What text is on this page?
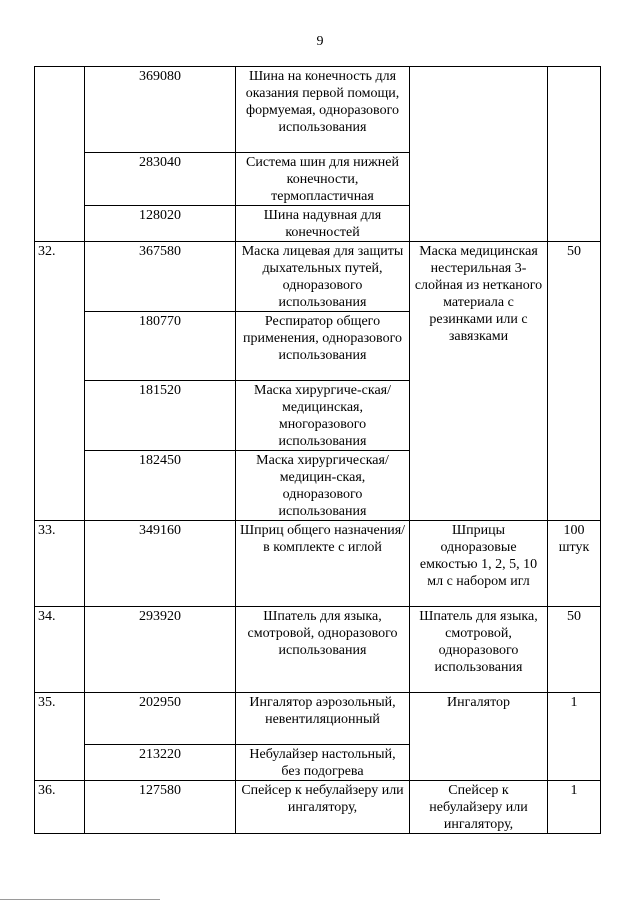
9
	369080	Шина на конечность для оказания первой помощи, формуемая, одноразового использования		
	283040	Система шин для нижней конечности, термопластичная		
	128020	Шина надувная для конечностей		
32.	367580	Маска лицевая для защиты дыхательных путей, одноразового использования	Маска медицинская нестерильная 3-слойная из нетканого материала с резинками или с завязками	50
	180770	Респиратор общего применения, одноразового использования		
	181520	Маска хирургиче-ская/медицинская, многоразового использования		
	182450	Маска хирургическая/медицин-ская, одноразового использования		
33.	349160	Шприц общего назначения/в комплекте с иглой	Шприцы одноразовые емкостью 1, 2, 5, 10 мл с набором игл	100 штук
34.	293920	Шпатель для языка, смотровой, одноразового использования	Шпатель для языка, смотровой, одноразового использования	50
35.	202950	Ингалятор аэрозольный, невентиляционный	Ингалятор	1
	213220	Небулайзер настольный, без подогрева		
36.	127580	Спейсер к небулайзеру или ингалятору,	Спейсер к небулайзеру или ингалятору,	1
